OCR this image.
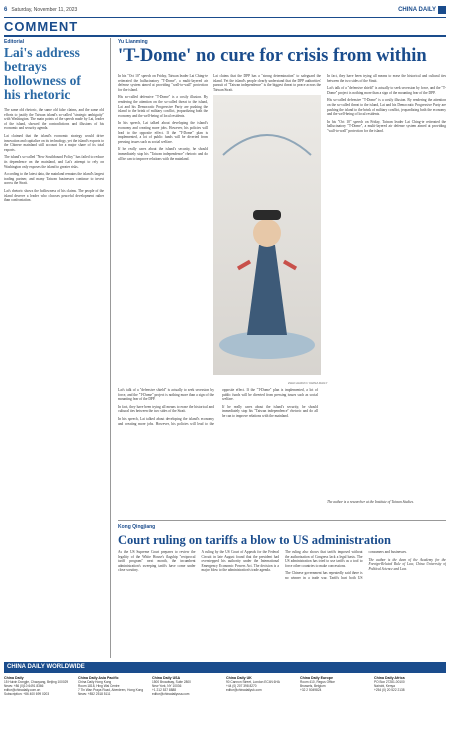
6 Saturday, November 11, 2023	CHINA DAILY
COMMENT
Editorial
Lai's address betrays hollowness of his rhetoric

The same old rhetoric, the same old false claims, and the same old efforts to justify the Taiwan island's so-called "strategic ambiguity" with Washington. The main points of the speech made by Lai, leader of the island, showed the contradictions and illusions of his economic and security agenda.

Lai claimed that the island's economic strategy would drive innovation and capitalize on its technology, yet the island's exports to the Chinese mainland still account for a major share of its total exports.

The island's so-called "New Southbound Policy" has failed to reduce its dependence on the mainland, and Lai's attempt to rely on Washington only exposes the island to greater risks.

According to the latest data, the mainland remains the island's largest trading partner, and many Taiwan businesses continue to invest across the Strait.

Lai's rhetoric shows the hollowness of his claims. The people of the island deserve a leader who chooses peaceful development rather than confrontation.

Yu Lianming
'T-Dome' no cure for crisis from within

In his "Oct 10" speech on Friday, Taiwan leader Lai Ching-te reiterated the hallucinatory "T-Dome", a multi-layered air defense system aimed at providing "wall-to-wall" protection for the island.

His so-called defensive "T-Dome" is a costly illusion. By rendering the attention on the so-called threat to the island, Lai and his Democratic Progressive Party are pushing the island to the brink of military conflict, jeopardizing both the economy and the well-being of local residents.

In his speech, Lai talked about developing the island's economy and creating more jobs. However, his policies will lead to the opposite effect. If the "T-Dome" plan is implemented, a lot of public funds will be diverted from pressing issues such as social welfare.

If he really cares about the island's security, he should immediately stop his "Taiwan independence" rhetoric and do all he can to improve relations with the mainland.

Lai claims that the DPP has a "strong determination" to safeguard the island. Yet the island's people clearly understand that the DPP authorities' pursuit of "Taiwan independence" is the biggest threat to peace across the Taiwan Strait.

ZHAI HAIJUN / CHINA DAILY

Lai's talk of a "defensive shield" is actually to seek secession by force, and the "T-Dome" project is nothing more than a sign of the mounting fear of the DPP.

In fact, they have been trying all means to erase the historical and cultural ties between the two sides of the Strait.

In his speech, Lai talked about developing the island's economy and creating more jobs. However, his policies will lead to the opposite effect. If the "T-Dome" plan is implemented, a lot of public funds will be diverted from pressing issues such as social welfare.

If he really cares about the island's security, he should immediately stop his "Taiwan independence" rhetoric and do all he can to improve relations with the mainland.

In fact, they have been trying all means to erase the historical and cultural ties between the two sides of the Strait.

Lai's talk of a "defensive shield" is actually to seek secession by force, and the "T-Dome" project is nothing more than a sign of the mounting fear of the DPP.

His so-called defensive "T-Dome" is a costly illusion. By rendering the attention on the so-called threat to the island, Lai and his Democratic Progressive Party are pushing the island to the brink of military conflict, jeopardizing both the economy and the well-being of local residents.

In his "Oct 10" speech on Friday, Taiwan leader Lai Ching-te reiterated the hallucinatory "T-Dome", a multi-layered air defense system aimed at providing "wall-to-wall" protection for the island.

The author is a researcher at the Institute of Taiwan Studies.
Kong Qingjiang
Court ruling on tariffs a blow to US administration

As the US Supreme Court prepares to review the legality of the White House's flagship "reciprocal tariff program" next month, the incumbent administration's sweeping tariffs have come under close scrutiny.

A ruling by the US Court of Appeals for the Federal Circuit in late August found that the president had overstepped his authority under the International Emergency Economic Powers Act. The decision is a major blow to the administration's trade agenda.

The ruling also shows that tariffs imposed without the authorization of Congress lack a legal basis. The US administration has tried to use tariffs as a tool to force other countries to make concessions.

The Chinese government has repeatedly said there is no winner in a trade war. Tariffs hurt both US consumers and businesses.

The author is the dean of the Academy for the Foreign-Related Rule of Law, China University of Political Science and Law.

CHINA DAILY WORLDWIDE
China Daily
15 Huixin Dongjie, Chaoyang, Beijing 100029
News: +86 (0)10 6491 8366
editor@chinadaily.com.cn
Subscription: +86 400 699 0203
China Daily Asia Pacific
China Daily Hong Kong
Room 1818, Hing Wai Centre
7 Tin Wan Praya Road, Aberdeen, Hong Kong
News: +852 2518 5111
China Daily USA
1500 Broadway, Suite 2800
New York, NY 10036
+1 212 537 8888
editor@chinadailyusa.com
China Daily UK
90 Cannon Street, London EC4N 6HA
+44 (0) 207 398 8270
editor@chinadailyuk.com
China Daily Europe
Room 410, Regus Office
Brussels, Belgium
+32 2 5049824
China Daily Africa
PO Box 27281-00100
Nairobi, Kenya
+254 (0) 20 522 2138
